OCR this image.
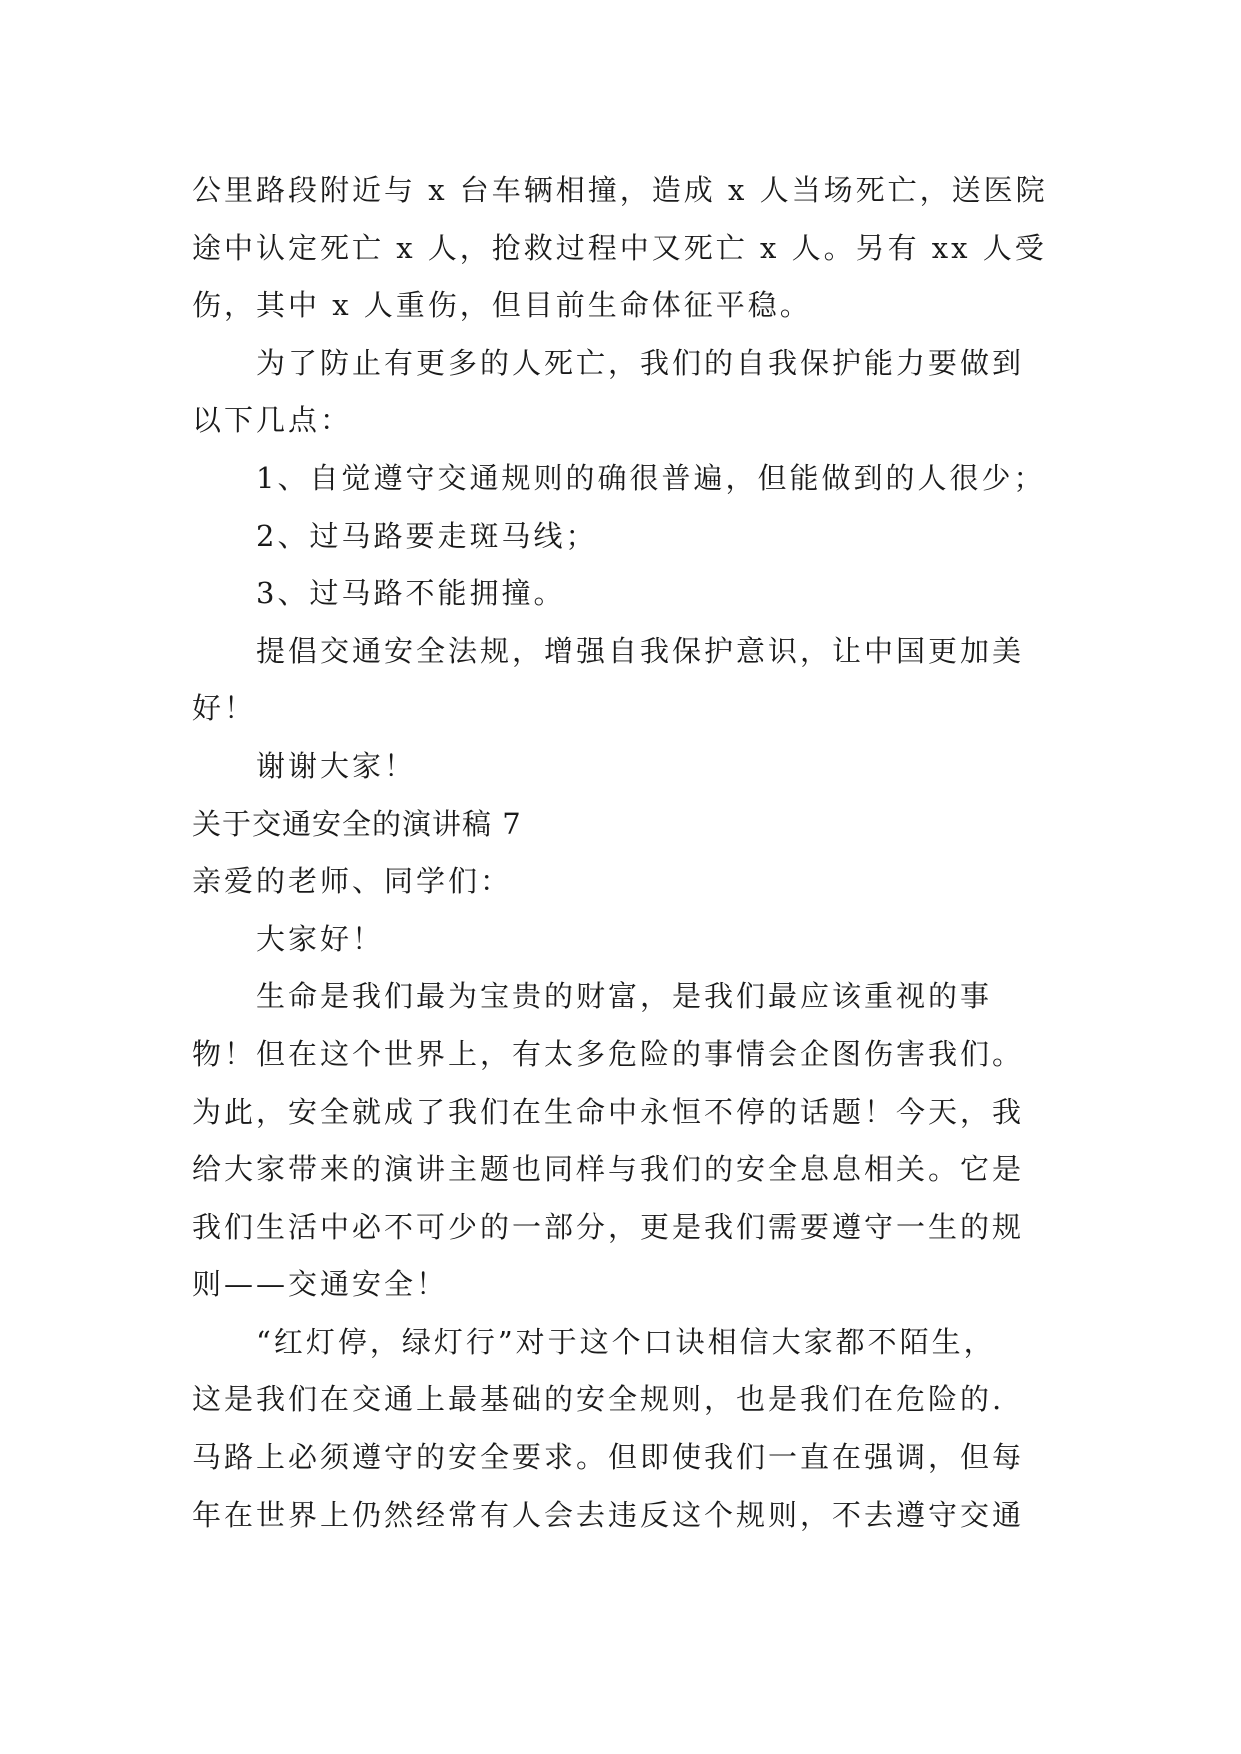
公里路段附近与 x 台车辆相撞，造成 x 人当场死亡，送医院
途中认定死亡 x 人，抢救过程中又死亡 x 人。另有 xx 人受
伤，其中 x 人重伤，但目前生命体征平稳。
为了防止有更多的人死亡，我们的自我保护能力要做到
以下几点：
1、自觉遵守交通规则的确很普遍，但能做到的人很少；
2、过马路要走斑马线；
3、过马路不能拥撞。
提倡交通安全法规，增强自我保护意识，让中国更加美
好！
谢谢大家！
关于交通安全的演讲稿 7
亲爱的老师、同学们：
大家好！
生命是我们最为宝贵的财富，是我们最应该重视的事
物！但在这个世界上，有太多危险的事情会企图伤害我们。
为此，安全就成了我们在生命中永恒不停的话题！今天，我
给大家带来的演讲主题也同样与我们的安全息息相关。它是
我们生活中必不可少的一部分，更是我们需要遵守一生的规
则——交通安全！
“红灯停，绿灯行”对于这个口诀相信大家都不陌生，
这是我们在交通上最基础的安全规则，也是我们在危险的.
马路上必须遵守的安全要求。但即使我们一直在强调，但每
年在世界上仍然经常有人会去违反这个规则，不去遵守交通
